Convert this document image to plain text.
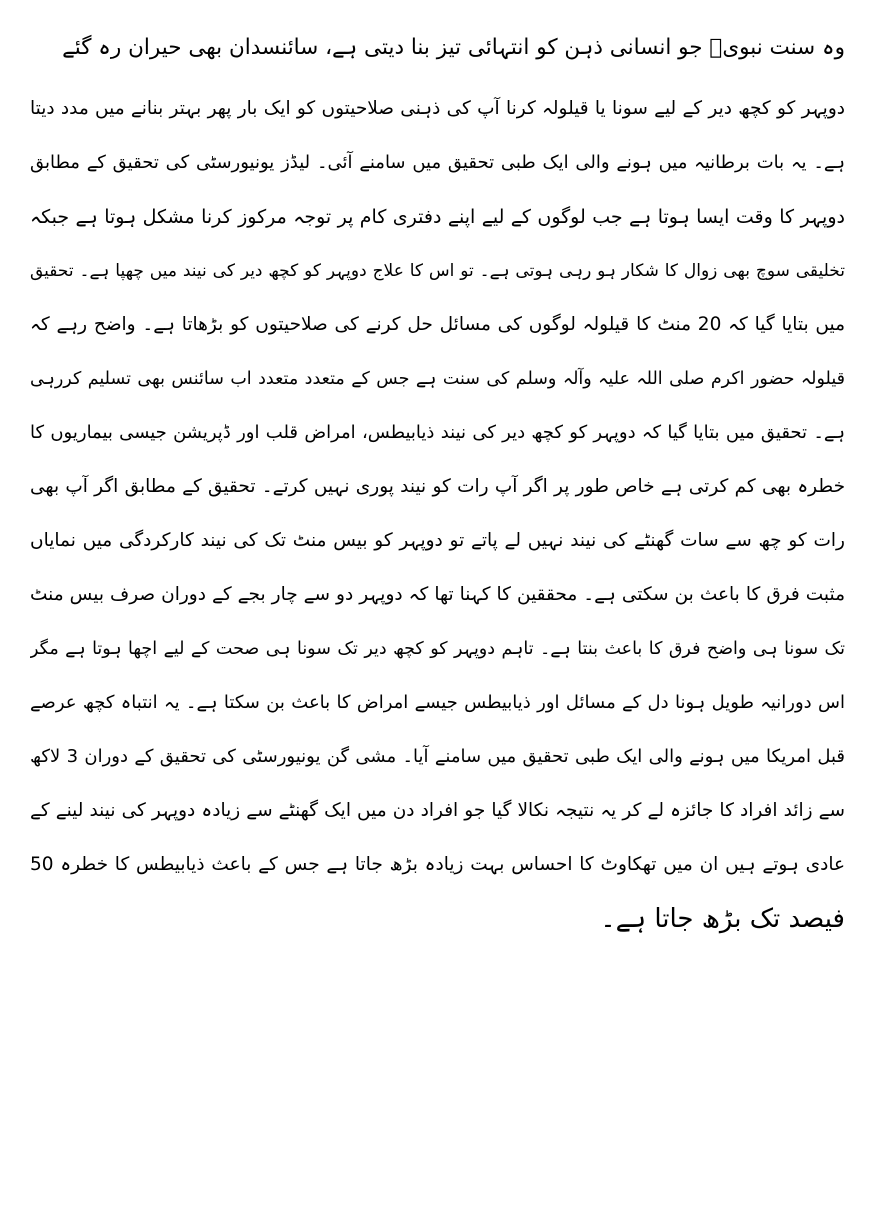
وہ سنت نبویؐ جو انسانی ذہن کو انتہائی تیز بنا دیتی ہے، سائنسدان بھی حیران رہ گئے
دوپہر کو کچھ دیر کے لیے سونا یا قیلولہ کرنا آپ کی ذہنی صلاحیتوں کو ایک بار پھر بہتر بنانے میں مدد دیتا
ہے۔ یہ بات برطانیہ میں ہونے والی ایک طبی تحقیق میں سامنے آئی۔ لیڈز یونیورسٹی کی تحقیق کے مطابق
دوپہر کا وقت ایسا ہوتا ہے جب لوگوں کے لیے اپنے دفتری کام پر توجہ مرکوز کرنا مشکل ہوتا ہے جبکہ
تخلیقی سوچ بھی زوال کا شکار ہو رہی ہوتی ہے۔ تو اس کا علاج دوپہر کو کچھ دیر کی نیند میں چھپا ہے۔ تحقیق
میں بتایا گیا کہ 20 منٹ کا قیلولہ لوگوں کی مسائل حل کرنے کی صلاحیتوں کو بڑھاتا ہے۔ واضح رہے کہ
قیلولہ حضور اکرم صلی اللہ علیہ وآلہ وسلم کی سنت ہے جس کے متعدد متعدد اب سائنس بھی تسلیم کررہی
ہے۔ تحقیق میں بتایا گیا کہ دوپہر کو کچھ دیر کی نیند ذیابیطس، امراض قلب اور ڈپریشن جیسی بیماریوں کا
خطرہ بھی کم کرتی ہے خاص طور پر اگر آپ رات کو نیند پوری نہیں کرتے۔ تحقیق کے مطابق اگر آپ بھی
رات کو چھ سے سات گھنٹے کی نیند نہیں لے پاتے تو دوپہر کو بیس منٹ تک کی نیند کارکردگی میں نمایاں
مثبت فرق کا باعث بن سکتی ہے۔ محققین کا کہنا تھا کہ دوپہر دو سے چار بجے کے دوران صرف بیس منٹ
تک سونا ہی واضح فرق کا باعث بنتا ہے۔ تاہم دوپہر کو کچھ دیر تک سونا ہی صحت کے لیے اچھا ہوتا ہے مگر
اس دورانیہ طویل ہونا دل کے مسائل اور ذیابیطس جیسے امراض کا باعث بن سکتا ہے۔ یہ انتباہ کچھ عرصے
قبل امریکا میں ہونے والی ایک طبی تحقیق میں سامنے آیا۔ مشی گن یونیورسٹی کی تحقیق کے دوران 3 لاکھ
سے زائد افراد کا جائزہ لے کر یہ نتیجہ نکالا گیا جو افراد دن میں ایک گھنٹے سے زیادہ دوپہر کی نیند لینے کے
عادی ہوتے ہیں ان میں تھکاوٹ کا احساس بہت زیادہ بڑھ جاتا ہے جس کے باعث ذیابیطس کا خطرہ 50
فیصد تک بڑھ جاتا ہے۔
